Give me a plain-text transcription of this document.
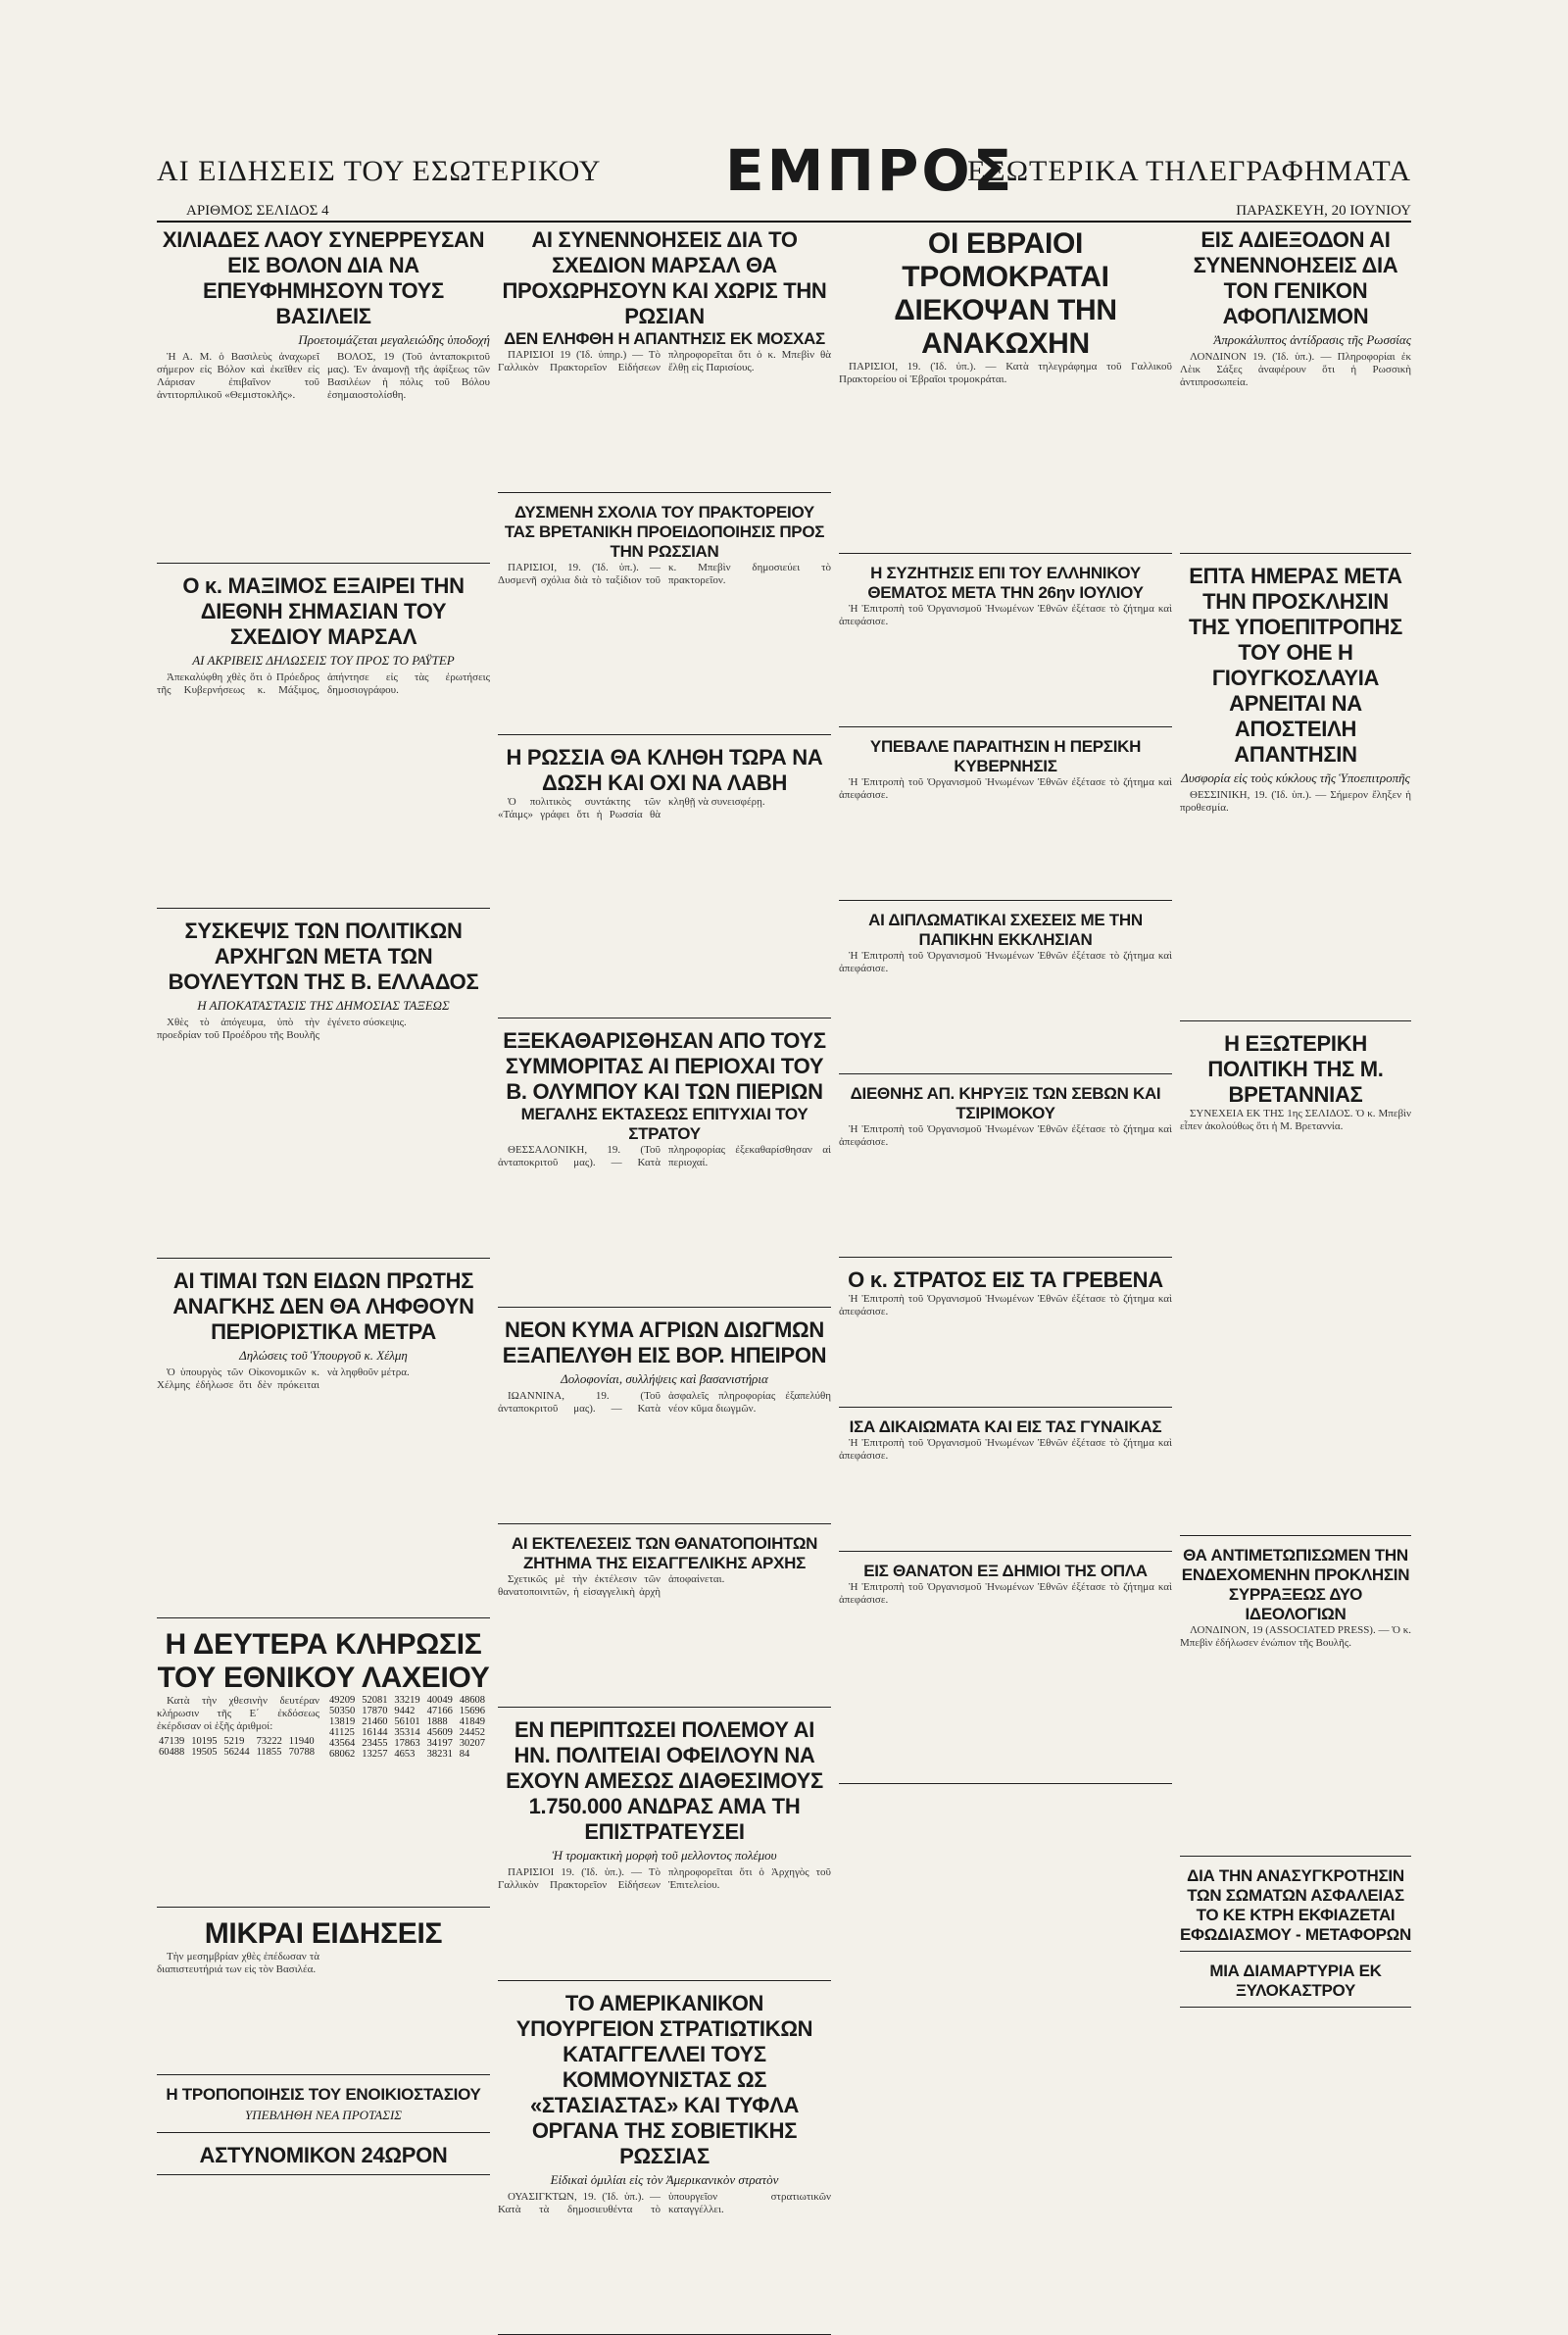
ΑΙ ΕΙΔΗΣΕΙΣ ΤΟΥ ΕΣΩΤΕΡΙΚΟΥ ΕΜΠΡΟΣ
ΕΞΩΤΕΡΙΚΑ ΤΗΛΕΓΡΑΦΗΜΑΤΑ
ΑΡΙΘΜΟΣ ΣΕΛΙΔΟΣ 4	ΠΑΡΑΣΚΕΥΗ, 20 ΙΟΥΝΙΟΥ
ΧΙΛΙΑΔΕΣ ΛΑΟΥ ΣΥΝΕΡΡΕΥΣΑΝ ΕΙΣ ΒΟΛΟΝ ΔΙΑ ΝΑ ΕΠΕΥΦΗΜΗΣΟΥΝ ΤΟΥΣ ΒΑΣΙΛΕΙΣ
Προετοιμάζεται μεγαλειώδης ὑποδοχή

Ἡ Α. Μ. ὁ Βασιλεὺς ἀναχωρεῖ σήμερον εἰς Βόλον καὶ ἐκεῖθεν εἰς Λάρισαν ἐπιβαῖνον τοῦ ἀντιτορπιλικοῦ «Θεμιστοκλῆς».

ΒΟΛΟΣ, 19 (Τοῦ ἀνταποκριτοῦ μας). Ἐν ἀναμονῇ τῆς ἀφίξεως τῶν Βασιλέων ἡ πόλις τοῦ Βόλου ἐσημαιοστολίσθη.

Ο κ. ΜΑΞΙΜΟΣ ΕΞΑΙΡΕΙ ΤΗΝ ΔΙΕΘΝΗ ΣΗΜΑΣΙΑΝ ΤΟΥ ΣΧΕΔΙΟΥ ΜΑΡΣΑΛ
ΑΙ ΑΚΡΙΒΕΙΣ ΔΗΛΩΣΕΙΣ ΤΟΥ ΠΡΟΣ ΤΟ ΡΑΫΤΕΡ

Ἀπεκαλύφθη χθὲς ὅτι ὁ Πρόεδρος τῆς Κυβερνήσεως κ. Μάξιμος, ἀπήντησε εἰς τὰς ἐρωτήσεις δημοσιογράφου.

ΣΥΣΚΕΨΙΣ ΤΩΝ ΠΟΛΙΤΙΚΩΝ ΑΡΧΗΓΩΝ ΜΕΤΑ ΤΩΝ ΒΟΥΛΕΥΤΩΝ ΤΗΣ Β. ΕΛΛΑΔΟΣ
Η ΑΠΟΚΑΤΑΣΤΑΣΙΣ ΤΗΣ ΔΗΜΟΣΙΑΣ ΤΑΞΕΩΣ

Χθὲς τὸ ἀπόγευμα, ὑπὸ τὴν προεδρίαν τοῦ Προέδρου τῆς Βουλῆς ἐγένετο σύσκεψις.

ΑΙ ΤΙΜΑΙ ΤΩΝ ΕΙΔΩΝ ΠΡΩΤΗΣ ΑΝΑΓΚΗΣ ΔΕΝ ΘΑ ΛΗΦΘΟΥΝ ΠΕΡΙΟΡΙΣΤΙΚΑ ΜΕΤΡΑ
Δηλώσεις τοῦ Ὑπουργοῦ κ. Χέλμη

Ὁ ὑπουργὸς τῶν Οἰκονομικῶν κ. Χέλμης ἐδήλωσε ὅτι δὲν πρόκειται νὰ ληφθοῦν μέτρα.

Η ΔΕΥΤΕΡΑ ΚΛΗΡΩΣΙΣ ΤΟΥ ΕΘΝΙΚΟΥ ΛΑΧΕΙΟΥ

Κατὰ τὴν χθεσινὴν δευτέραν κλήρωσιν τῆς Ε΄ ἐκδόσεως ἐκέρδισαν οἱ ἑξῆς ἀριθμοί:

47139	10195	5219	73222	11940
60488	19505	56244	11855	70788
49209	52081	33219	40049	48608
50350	17870	9442	47166	15696
13819	21460	56101	1888	41849
41125	16144	35314	45609	24452
43564	23455	17863	34197	30207
68062	13257	4653	38231	84
ΜΙΚΡΑΙ ΕΙΔΗΣΕΙΣ

Τὴν μεσημβρίαν χθὲς ἐπέδωσαν τὰ διαπιστευτήριά των εἰς τὸν Βασιλέα.

Η ΤΡΟΠΟΠΟΙΗΣΙΣ ΤΟΥ ΕΝΟΙΚΙΟΣΤΑΣΙΟΥ
ΥΠΕΒΛΗΘΗ ΝΕΑ ΠΡΟΤΑΣΙΣ
ΑΣΤΥΝΟΜΙΚΟΝ 24ΩΡΟΝ
ΑΙ ΣΥΝΕΝΝΟΗΣΕΙΣ ΔΙΑ ΤΟ ΣΧΕΔΙΟΝ ΜΑΡΣΑΛ ΘΑ ΠΡΟΧΩΡΗΣΟΥΝ ΚΑΙ ΧΩΡΙΣ ΤΗΝ ΡΩΣΙΑΝ
ΔΕΝ ΕΛΗΦΘΗ Η ΑΠΑΝΤΗΣΙΣ ΕΚ ΜΟΣΧΑΣ

ΠΑΡΙΣΙΟΙ 19 (Ἰδ. ὑπηρ.) — Τὸ Γαλλικὸν Πρακτορεῖον Εἰδήσεων πληροφορεῖται ὅτι ὁ κ. Μπεβὶν θὰ ἔλθῃ εἰς Παρισίους.

ΔΥΣΜΕΝΗ ΣΧΟΛΙΑ ΤΟΥ ΠΡΑΚΤΟΡΕΙΟΥ ΤΑΣ ΒΡΕΤΑΝΙΚΗ ΠΡΟΕΙΔΟΠΟΙΗΣΙΣ ΠΡΟΣ ΤΗΝ ΡΩΣΣΙΑΝ

ΠΑΡΙΣΙΟΙ, 19. (Ἰδ. ὑπ.). — Δυσμενῆ σχόλια διὰ τὸ ταξίδιον τοῦ κ. Μπεβὶν δημοσιεύει τὸ πρακτορεῖον.

Η ΡΩΣΣΙΑ ΘΑ ΚΛΗΘΗ ΤΩΡΑ ΝΑ ΔΩΣΗ ΚΑΙ ΟΧΙ ΝΑ ΛΑΒΗ

Ὁ πολιτικὸς συντάκτης τῶν «Τάιμς» γράφει ὅτι ἡ Ρωσσία θὰ κληθῇ νὰ συνεισφέρῃ.

ΕΞΕΚΑΘΑΡΙΣΘΗΣΑΝ ΑΠΟ ΤΟΥΣ ΣΥΜΜΟΡΙΤΑΣ ΑΙ ΠΕΡΙΟΧΑΙ ΤΟΥ Β. ΟΛΥΜΠΟΥ ΚΑΙ ΤΩΝ ΠΙΕΡΙΩΝ
ΜΕΓΑΛΗΣ ΕΚΤΑΣΕΩΣ ΕΠΙΤΥΧΙΑΙ ΤΟΥ ΣΤΡΑΤΟΥ

ΘΕΣΣΑΛΟΝΙΚΗ, 19. (Τοῦ ἀνταποκριτοῦ μας). — Κατὰ πληροφορίας ἐξεκαθαρίσθησαν αἱ περιοχαί.

ΝΕΟΝ ΚΥΜΑ ΑΓΡΙΩΝ ΔΙΩΓΜΩΝ ΕΞΑΠΕΛΥΘΗ ΕΙΣ ΒΟΡ. ΗΠΕΙΡΟΝ
Δολοφονίαι, συλλήψεις καὶ βασανιστήρια

ΙΩΑΝΝΙΝΑ, 19. (Τοῦ ἀνταποκριτοῦ μας). — Κατὰ ἀσφαλεῖς πληροφορίας ἐξαπελύθη νέον κῦμα διωγμῶν.

ΑΙ ΕΚΤΕΛΕΣΕΙΣ ΤΩΝ ΘΑΝΑΤΟΠΟΙΗΤΩΝ ΖΗΤΗΜΑ ΤΗΣ ΕΙΣΑΓΓΕΛΙΚΗΣ ΑΡΧΗΣ

Σχετικῶς μὲ τὴν ἐκτέλεσιν τῶν θανατοποινιτῶν, ἡ εἰσαγγελικὴ ἀρχὴ ἀποφαίνεται.

ΕΝ ΠΕΡΙΠΤΩΣΕΙ ΠΟΛΕΜΟΥ ΑΙ ΗΝ. ΠΟΛΙΤΕΙΑΙ ΟΦΕΙΛΟΥΝ ΝΑ ΕΧΟΥΝ ΑΜΕΣΩΣ ΔΙΑΘΕΣΙΜΟΥΣ 1.750.000 ΑΝΔΡΑΣ ΑΜΑ ΤΗ ΕΠΙΣΤΡΑΤΕΥΣΕΙ
Ἡ τρομακτικὴ μορφὴ τοῦ μελλοντος πολέμου

ΠΑΡΙΣΙΟΙ 19. (Ἰδ. ὑπ.). — Τὸ Γαλλικὸν Πρακτορεῖον Εἰδήσεων πληροφορεῖται ὅτι ὁ Ἀρχηγὸς τοῦ Ἐπιτελείου.

ΤΟ ΑΜΕΡΙΚΑΝΙΚΟΝ ΥΠΟΥΡΓΕΙΟΝ ΣΤΡΑΤΙΩΤΙΚΩΝ ΚΑΤΑΓΓΕΛΛΕΙ ΤΟΥΣ ΚΟΜΜΟΥΝΙΣΤΑΣ ΩΣ «ΣΤΑΣΙΑΣΤΑΣ» ΚΑΙ ΤΥΦΛΑ ΟΡΓΑΝΑ ΤΗΣ ΣΟΒΙΕΤΙΚΗΣ ΡΩΣΣΙΑΣ
Εἰδικαὶ ὁμιλίαι εἰς τὸν Ἀμερικανικὸν στρατὸν

ΟΥΑΣΙΓΚΤΩΝ, 19. (Ἰδ. ὑπ.). — Κατὰ τὰ δημοσιευθέντα τὸ ὑπουργεῖον στρατιωτικῶν καταγγέλλει.

ΟΙ ΕΒΡΑΙΟΙ ΤΡΟΜΟΚΡΑΤΑΙ ΔΙΕΚΟΨΑΝ ΤΗΝ ΑΝΑΚΩΧΗΝ

ΠΑΡΙΣΙΟΙ, 19. (Ἰδ. ὑπ.). — Κατὰ τηλεγράφημα τοῦ Γαλλικοῦ Πρακτορείου οἱ Ἑβραῖοι τρομοκράται.

Η ΣΥΖΗΤΗΣΙΣ ΕΠΙ ΤΟΥ ΕΛΛΗΝΙΚΟΥ ΘΕΜΑΤΟΣ ΜΕΤΑ ΤΗΝ 26ην ΙΟΥΛΙΟΥ

Ἡ Ἐπιτροπὴ τοῦ Ὀργανισμοῦ Ἡνωμένων Ἐθνῶν ἐξέτασε τὸ ζήτημα καὶ ἀπεφάσισε.

ΥΠΕΒΑΛΕ ΠΑΡΑΙΤΗΣΙΝ Η ΠΕΡΣΙΚΗ ΚΥΒΕΡΝΗΣΙΣ

Ἡ Ἐπιτροπὴ τοῦ Ὀργανισμοῦ Ἡνωμένων Ἐθνῶν ἐξέτασε τὸ ζήτημα καὶ ἀπεφάσισε.

ΑΙ ΔΙΠΛΩΜΑΤΙΚΑΙ ΣΧΕΣΕΙΣ ΜΕ ΤΗΝ ΠΑΠΙΚΗΝ ΕΚΚΛΗΣΙΑΝ

Ἡ Ἐπιτροπὴ τοῦ Ὀργανισμοῦ Ἡνωμένων Ἐθνῶν ἐξέτασε τὸ ζήτημα καὶ ἀπεφάσισε.

ΔΙΕΘΝΗΣ ΑΠ. ΚΗΡΥΞΙΣ ΤΩΝ ΣΕΒΩΝ ΚΑΙ ΤΣΙΡΙΜΟΚΟΥ

Ἡ Ἐπιτροπὴ τοῦ Ὀργανισμοῦ Ἡνωμένων Ἐθνῶν ἐξέτασε τὸ ζήτημα καὶ ἀπεφάσισε.

Ο κ. ΣΤΡΑΤΟΣ ΕΙΣ ΤΑ ΓΡΕΒΕΝΑ

Ἡ Ἐπιτροπὴ τοῦ Ὀργανισμοῦ Ἡνωμένων Ἐθνῶν ἐξέτασε τὸ ζήτημα καὶ ἀπεφάσισε.

ΙΣΑ ΔΙΚΑΙΩΜΑΤΑ ΚΑΙ ΕΙΣ ΤΑΣ ΓΥΝΑΙΚΑΣ

Ἡ Ἐπιτροπὴ τοῦ Ὀργανισμοῦ Ἡνωμένων Ἐθνῶν ἐξέτασε τὸ ζήτημα καὶ ἀπεφάσισε.

ΕΙΣ ΘΑΝΑΤΟΝ ΕΞ ΔΗΜΙΟΙ ΤΗΣ ΟΠΛΑ

Ἡ Ἐπιτροπὴ τοῦ Ὀργανισμοῦ Ἡνωμένων Ἐθνῶν ἐξέτασε τὸ ζήτημα καὶ ἀπεφάσισε.

ΕΙΣ ΑΔΙΕΞΟΔΟΝ ΑΙ ΣΥΝΕΝΝΟΗΣΕΙΣ ΔΙΑ ΤΟΝ ΓΕΝΙΚΟΝ ΑΦΟΠΛΙΣΜΟΝ
Ἀπροκάλυπτος ἀντίδρασις τῆς Ρωσσίας

ΛΟΝΔΙΝΟΝ 19. (Ἰδ. ὑπ.). — Πληροφορίαι ἐκ Λὲικ Σάξες ἀναφέρουν ὅτι ἡ Ρωσσικὴ ἀντιπροσωπεία.

ΕΠΤΑ ΗΜΕΡΑΣ ΜΕΤΑ ΤΗΝ ΠΡΟΣΚΛΗΣΙΝ ΤΗΣ ΥΠΟΕΠΙΤΡΟΠΗΣ ΤΟΥ ΟΗΕ Η ΓΙΟΥΓΚΟΣΛΑΥΙΑ ΑΡΝΕΙΤΑΙ ΝΑ ΑΠΟΣΤΕΙΛΗ ΑΠΑΝΤΗΣΙΝ
Δυσφορία εἰς τοὺς κύκλους τῆς Ὑποεπιτροπῆς

ΘΕΣΣΙΝΙΚΗ, 19. (Ἰδ. ὑπ.). — Σήμερον ἔληξεν ἡ προθεσμία.

Η ΕΞΩΤΕΡΙΚΗ ΠΟΛΙΤΙΚΗ ΤΗΣ Μ. ΒΡΕΤΑΝΝΙΑΣ

ΣΥΝΕΧΕΙΑ ΕΚ ΤΗΣ 1ης ΣΕΛΙΔΟΣ. Ὁ κ. Μπεβὶν εἶπεν ἀκολούθως ὅτι ἡ Μ. Βρεταννία.

ΘΑ ΑΝΤΙΜΕΤΩΠΙΣΩΜΕΝ ΤΗΝ ΕΝΔΕΧΟΜΕΝΗΝ ΠΡΟΚΛΗΣΙΝ ΣΥΡΡΑΞΕΩΣ ΔΥΟ ΙΔΕΟΛΟΓΙΩΝ

ΛΟΝΔΙΝΟΝ, 19 (ASSOCIATED PRESS). — Ὁ κ. Μπεβὶν ἐδήλωσεν ἐνώπιον τῆς Βουλῆς.

ΔΙΑ ΤΗΝ ΑΝΑΣΥΓΚΡΟΤΗΣΙΝ ΤΩΝ ΣΩΜΑΤΩΝ ΑΣΦΑΛΕΙΑΣ
ΤΟ ΚΕ ΚΤΡΗ ΕΚΦΙΑΖΕΤΑΙ ΕΦΩΔΙΑΣΜΟΥ - ΜΕΤΑΦΟΡΩΝ
ΜΙΑ ΔΙΑΜΑΡΤΥΡΙΑ ΕΚ ΞΥΛΟΚΑΣΤΡΟΥ
